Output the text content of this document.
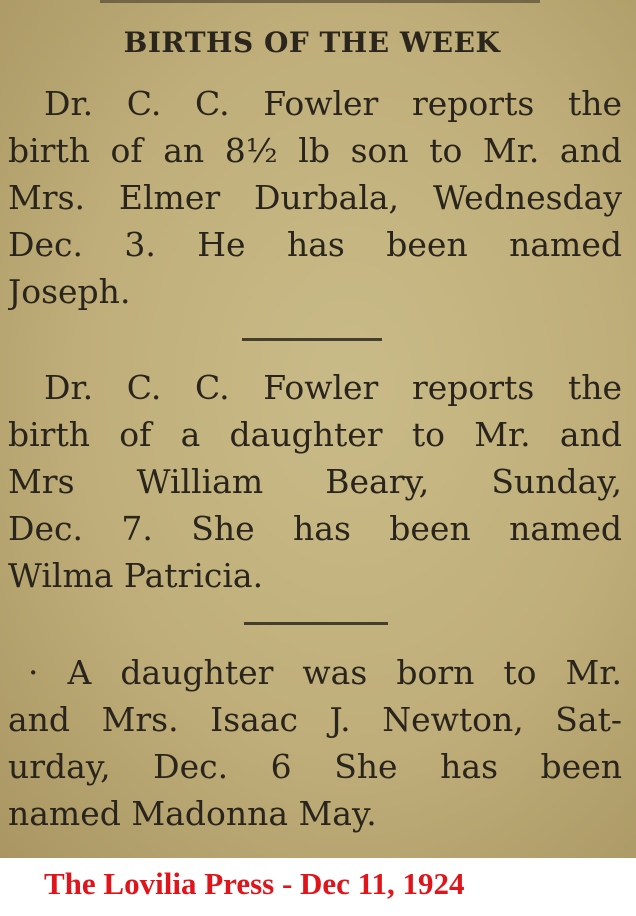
BIRTHS OF THE WEEK
Dr. C. C. Fowler reports the
birth of an 8½ lb son to Mr. and
Mrs. Elmer Durbala, Wednesday
Dec. 3. He has been named
Joseph.
Dr. C. C. Fowler reports the
birth of a daughter to Mr. and
Mrs William Beary, Sunday,
Dec. 7. She has been named
Wilma Patricia.
· A daughter was born to Mr.
and Mrs. Isaac J. Newton, Sat-
urday, Dec. 6 She has been
named Madonna May.
The Lovilia Press - Dec 11, 1924
